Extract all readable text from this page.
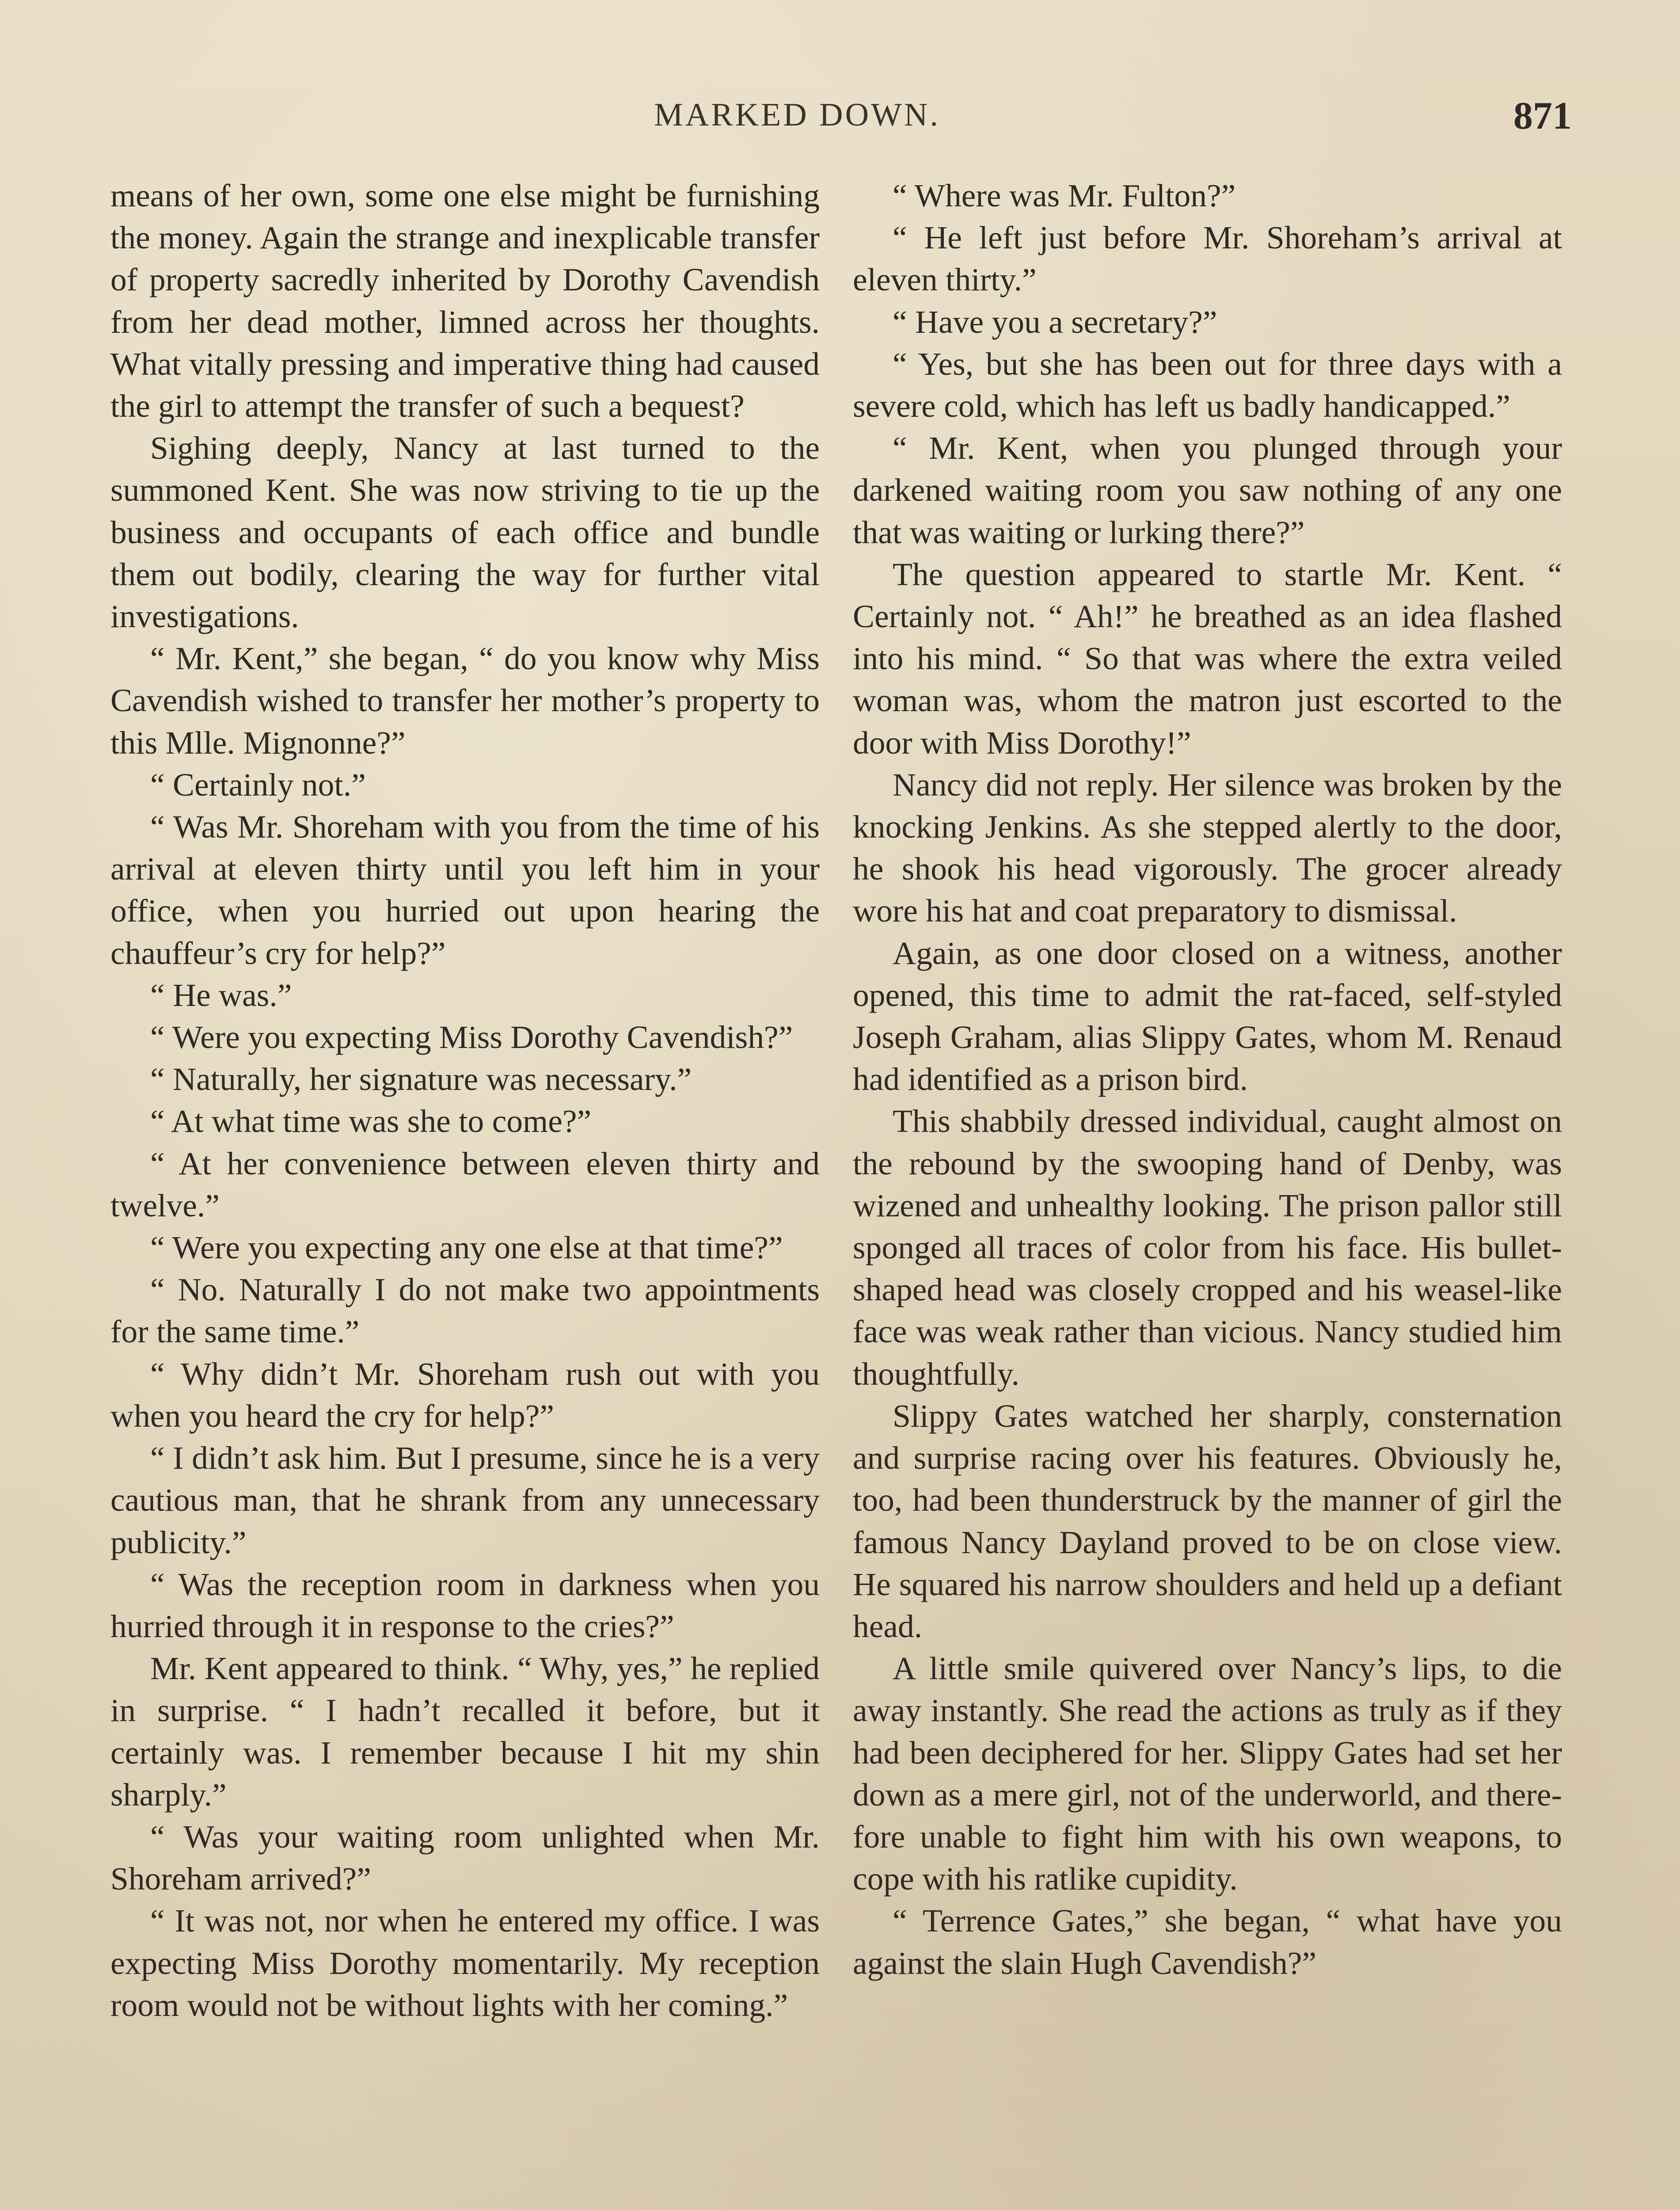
MARKED DOWN.	871

means of her own, some one else might be furnishing the money. Again the strange and inexplicable transfer of property sacredly inherited by Dorothy Cavendish from her dead mother, limned across her thoughts. What vitally pressing and imperative thing had caused the girl to attempt the transfer of such a bequest?

Sighing deeply, Nancy at last turned to the summoned Kent. She was now striving to tie up the business and occupants of each office and bundle them out bodily, clearing the way for further vital investigations.

“ Mr. Kent,” she began, “ do you know why Miss Cavendish wished to transfer her mother’s property to this Mlle. Mignonne?”

“ Certainly not.”

“ Was Mr. Shoreham with you from the time of his arrival at eleven thirty until you left him in your office, when you hurried out upon hearing the chauffeur’s cry for help?”

“ He was.”

“ Were you expecting Miss Dorothy Cavendish?”

“ Naturally, her signature was necessary.”

“ At what time was she to come?”

“ At her convenience between eleven thirty and twelve.”

“ Were you expecting any one else at that time?”

“ No. Naturally I do not make two appointments for the same time.”

“ Why didn’t Mr. Shoreham rush out with you when you heard the cry for help?”

“ I didn’t ask him. But I presume, since he is a very cautious man, that he shrank from any unnecessary publicity.”

“ Was the reception room in darkness when you hurried through it in response to the cries?”

Mr. Kent appeared to think. “ Why, yes,” he replied in surprise. “ I hadn’t recalled it before, but it certainly was. I remember because I hit my shin sharply.”

“ Was your waiting room unlighted when Mr. Shoreham arrived?”

“ It was not, nor when he entered my office. I was expecting Miss Dorothy momentarily. My reception room would not be without lights with her coming.”

“ Where was Mr. Fulton?”

“ He left just before Mr. Shoreham’s arrival at eleven thirty.”

“ Have you a secretary?”

“ Yes, but she has been out for three days with a severe cold, which has left us badly handicapped.”

“ Mr. Kent, when you plunged through your darkened waiting room you saw nothing of any one that was waiting or lurking there?”

The question appeared to startle Mr. Kent. “ Certainly not. “ Ah!” he breathed as an idea flashed into his mind. “ So that was where the extra veiled woman was, whom the matron just escorted to the door with Miss Dorothy!”

Nancy did not reply. Her silence was broken by the knocking Jenkins. As she stepped alertly to the door, he shook his head vigorously. The grocer already wore his hat and coat preparatory to dismissal.

Again, as one door closed on a witness, another opened, this time to admit the rat-faced, self-styled Joseph Graham, alias Slippy Gates, whom M. Renaud had identified as a prison bird.

This shabbily dressed individual, caught almost on the rebound by the swooping hand of Denby, was wizened and unhealthy looking. The prison pallor still sponged all traces of color from his face. His bullet-shaped head was closely cropped and his weasel-like face was weak rather than vicious. Nancy studied him thoughtfully.

Slippy Gates watched her sharply, consternation and surprise racing over his features. Obviously he, too, had been thunderstruck by the manner of girl the famous Nancy Dayland proved to be on close view. He squared his narrow shoulders and held up a defiant head.

A little smile quivered over Nancy’s lips, to die away instantly. She read the actions as truly as if they had been deciphered for her. Slippy Gates had set her down as a mere girl, not of the underworld, and therefore unable to fight him with his own weapons, to cope with his ratlike cupidity.

“ Terrence Gates,” she began, “ what have you against the slain Hugh Cavendish?”
